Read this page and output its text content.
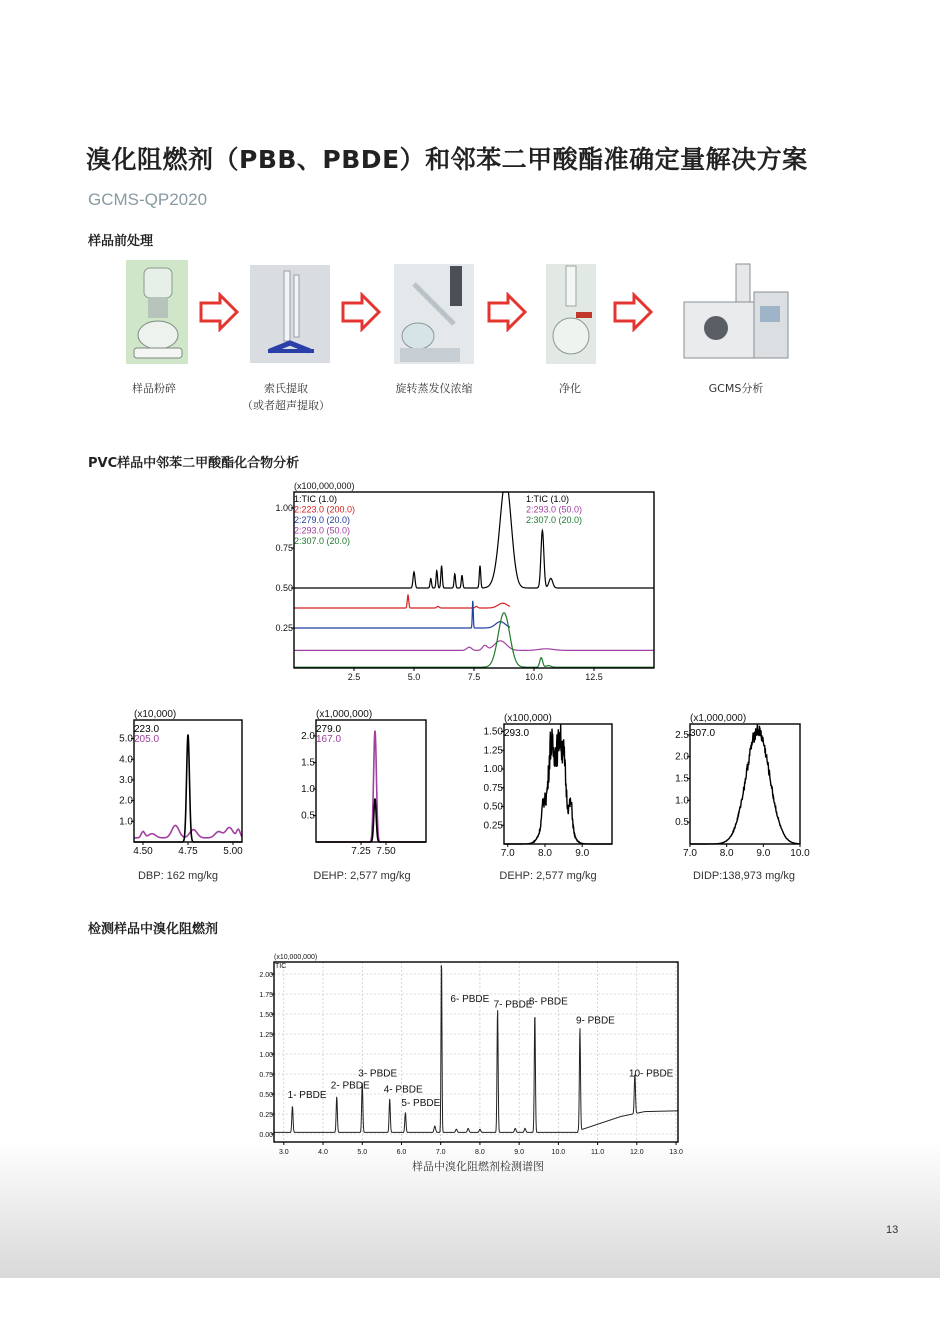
溴化阻燃剂（PBB、PBDE）和邻苯二甲酸酯准确定量解决方案
GCMS-QP2020
样品前处理
样品粉碎	索氏提取
（或者超声提取）
旋转蒸发仪浓缩	净化	GCMS分析
PVC样品中邻苯二甲酸酯化合物分析
2.5	5.0	7.5	10.0	12.5
0.25
0.50
0.75
1.00
(x100,000,000)
1:TIC (1.0)
2:223.0 (200.0)
2:279.0 (20.0)
2:293.0 (50.0)
2:307.0 (20.0)
1:TIC (1.0)
2:293.0 (50.0)
2:307.0 (20.0)
4.50	4.75	5.00
1.0
2.0
3.0
4.0
5.0
(x10,000)
223.0
205.0
7.25 7.50
0.5
1.0
1.5
2.0
(x1,000,000)
279.0
167.0
7.0 8.0 9.0
0.25
0.50
0.75
1.00
1.25
1.50
(x100,000)
293.0
7.0 8.0 9.0 10.0
0.5
1.0
1.5
2.0
2.5
(x1,000,000)
307.0
DBP: 162 mg/kg	DEHP: 2,577 mg/kg	DEHP: 2,577 mg/kg	DIDP:138,973 mg/kg
检测样品中溴化阻燃剂
3.0	4.0	5.0	6.0	7.0	8.0	9.0	10.0	11.0	12.0	13.0
0.00
0.25
0.50
0.75
1.00
1.25
1.50
1.75
2.00
(x10,000,000)
TIC
1- PBDE
2- PBDE
3- PBDE
4- PBDE
5- PBDE
6- PBDE
7- PBDE
8- PBDE
9- PBDE
10- PBDE
样品中溴化阻燃剂检测谱图
13
